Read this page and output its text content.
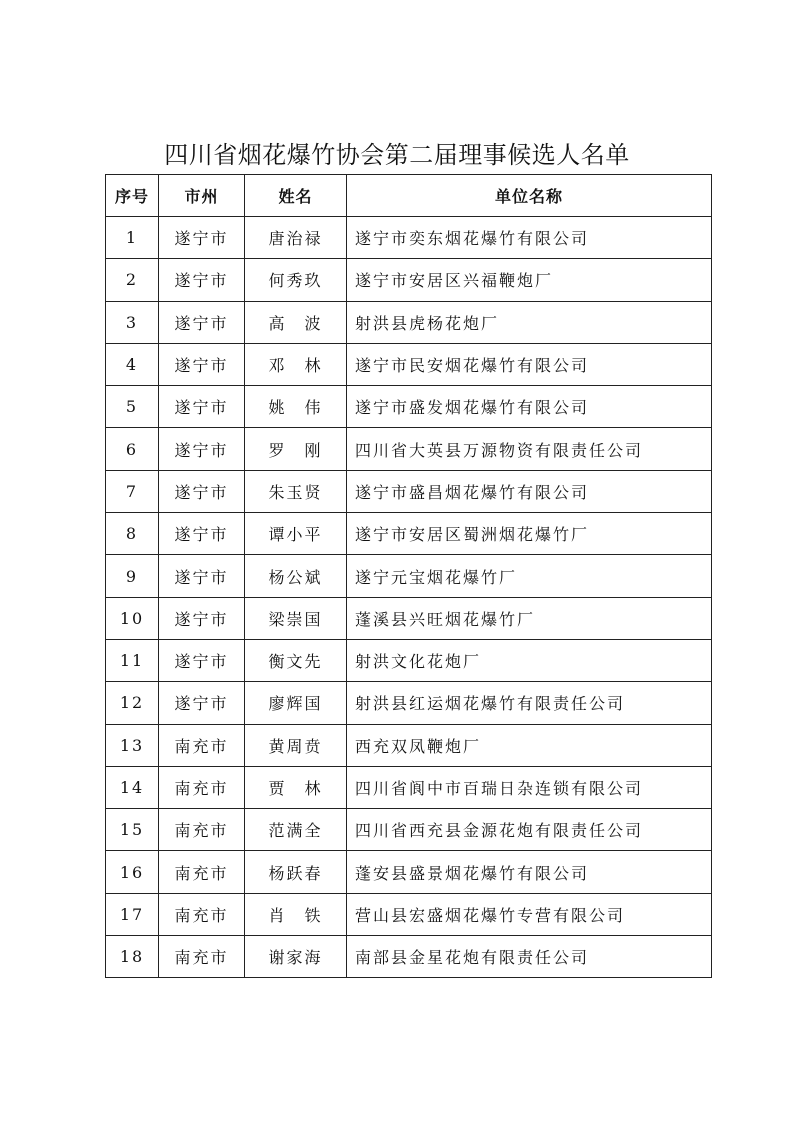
四川省烟花爆竹协会第二届理事候选人名单
序号	市州	姓名	单位名称
1	遂宁市	唐治禄	遂宁市奕东烟花爆竹有限公司
2	遂宁市	何秀玖	遂宁市安居区兴福鞭炮厂
3	遂宁市	高　波	射洪县虎杨花炮厂
4	遂宁市	邓　林	遂宁市民安烟花爆竹有限公司
5	遂宁市	姚　伟	遂宁市盛发烟花爆竹有限公司
6	遂宁市	罗　刚	四川省大英县万源物资有限责任公司
7	遂宁市	朱玉贤	遂宁市盛昌烟花爆竹有限公司
8	遂宁市	谭小平	遂宁市安居区蜀洲烟花爆竹厂
9	遂宁市	杨公斌	遂宁元宝烟花爆竹厂
10	遂宁市	梁崇国	蓬溪县兴旺烟花爆竹厂
11	遂宁市	衡文先	射洪文化花炮厂
12	遂宁市	廖辉国	射洪县红运烟花爆竹有限责任公司
13	南充市	黄周贲	西充双凤鞭炮厂
14	南充市	贾　林	四川省阆中市百瑞日杂连锁有限公司
15	南充市	范满全	四川省西充县金源花炮有限责任公司
16	南充市	杨跃春	蓬安县盛景烟花爆竹有限公司
17	南充市	肖　铁	营山县宏盛烟花爆竹专营有限公司
18	南充市	谢家海	南部县金星花炮有限责任公司
